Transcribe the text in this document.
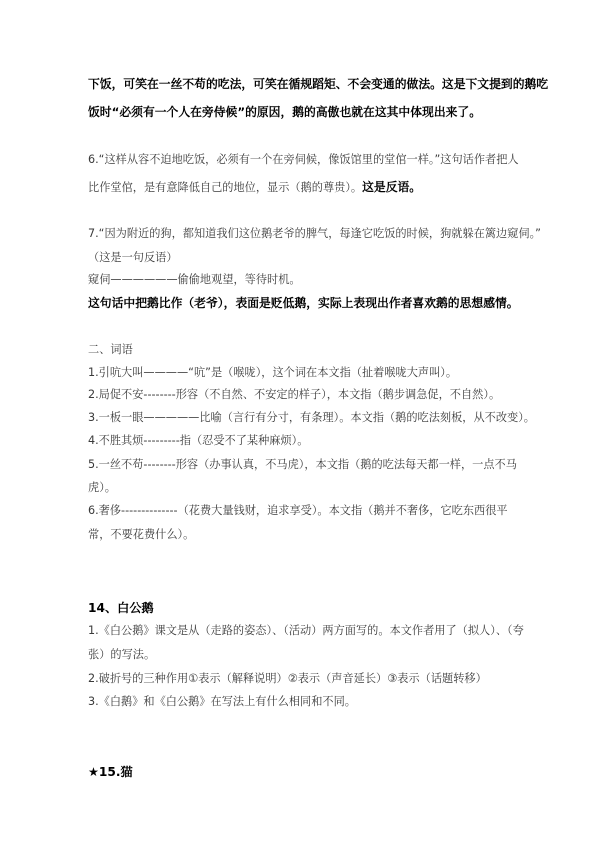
下饭，可笑在一丝不苟的吃法，可笑在循规蹈矩、不会变通的做法。这是下文提到的鹅吃
饭时“必须有一个人在旁侍候”的原因，鹅的高傲也就在这其中体现出来了。
6.“这样从容不迫地吃饭，必须有一个在旁伺候，像饭馆里的堂倌一样。”这句话作者把人
比作堂倌，是有意降低自己的地位，显示（鹅的尊贵）。这是反语。
7.“因为附近的狗，都知道我们这位鹅老爷的脾气，每逢它吃饭的时候，狗就躲在篱边窥伺。”
（这是一句反语）
窥伺——————偷偷地观望，等待时机。
这句话中把鹅比作（老爷），表面是贬低鹅，实际上表现出作者喜欢鹅的思想感情。
二、词语
1.引吭大叫————“吭”是（喉咙），这个词在本文指（扯着喉咙大声叫）。
2.局促不安--------形容（不自然、不安定的样子），本文指（鹅步调急促，不自然）。
3.一板一眼—————比喻（言行有分寸，有条理）。本文指（鹅的吃法刻板，从不改变）。
4.不胜其烦---------指（忍受不了某种麻烦）。
5.一丝不苟--------形容（办事认真，不马虎），本文指（鹅的吃法每天都一样，一点不马
虎）。
6.奢侈--------------（花费大量钱财，追求享受）。本文指（鹅并不奢侈，它吃东西很平
常，不要花费什么）。
14、白公鹅
1.《白公鹅》课文是从（走路的姿态）、（活动）两方面写的。本文作者用了（拟人）、（夸
张）的写法。
2.破折号的三种作用①表示（解释说明）②表示（声音延长）③表示（话题转移）
3.《白鹅》和《白公鹅》在写法上有什么相同和不同。
★15.猫
